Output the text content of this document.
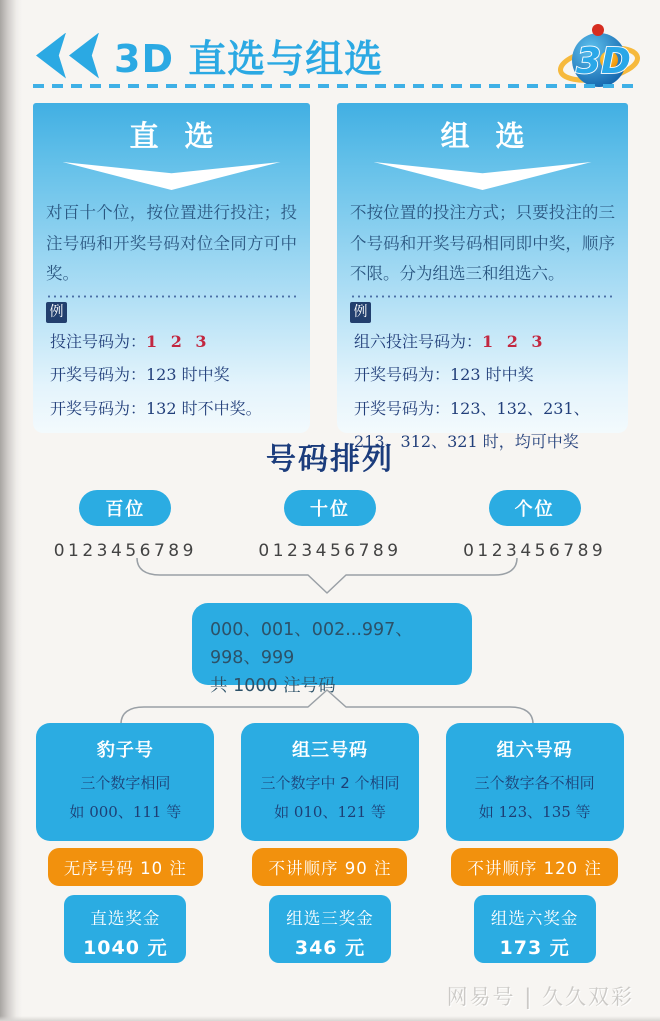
3D 直选与组选	3D
直 选
对百十个位，按位置进行投注；投注号码和开奖号码对位全同方可中奖。
例
投注号码为：1 2 3
开奖号码为：123 时中奖
开奖号码为：132 时不中奖。
组 选
不按位置的投注方式；只要投注的三个号码和开奖号码相同即中奖，顺序不限。分为组选三和组选六。
例
组六投注号码为：1 2 3
开奖号码为：123 时中奖
开奖号码为：123、132、231、213、312、321 时，均可中奖
号码排列
百位
0123456789
十位
0123456789
个位
0123456789
000、001、002...997、998、999
共 1000 注号码
豹子号
三个数字相同
如 000、111 等
组三号码
三个数字中 2 个相同
如 010、121 等
组六号码
三个数字各不相同
如 123、135 等
无序号码 10 注	不讲顺序 90 注	不讲顺序 120 注
直选奖金
1040 元
组选三奖金
346 元
组选六奖金
173 元
网易号 | 久久双彩
